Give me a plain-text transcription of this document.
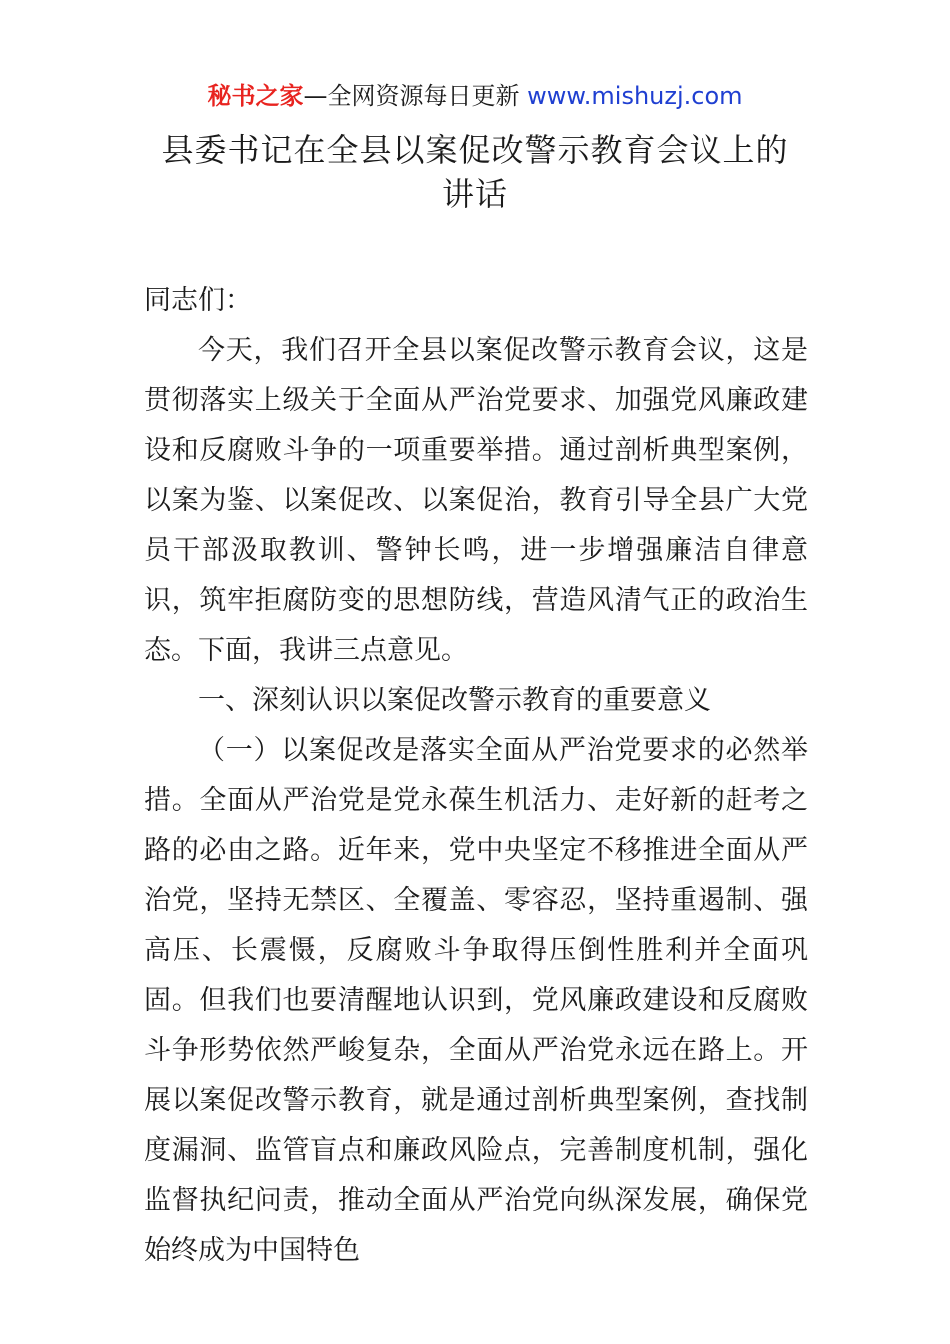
秘书之家—全网资源每日更新 www.mishuzj.com
县委书记在全县以案促改警示教育会议上的
讲话

同志们：

今天，我们召开全县以案促改警示教育会议，这是贯彻落实上级关于全面从严治党要求、加强党风廉政建设和反腐败斗争的一项重要举措。通过剖析典型案例，以案为鉴、以案促改、以案促治，教育引导全县广大党员干部汲取教训、警钟长鸣，进一步增强廉洁自律意识，筑牢拒腐防变的思想防线，营造风清气正的政治生态。下面，我讲三点意见。

一、深刻认识以案促改警示教育的重要意义

（一）以案促改是落实全面从严治党要求的必然举措。全面从严治党是党永葆生机活力、走好新的赶考之路的必由之路。近年来，党中央坚定不移推进全面从严治党，坚持无禁区、全覆盖、零容忍，坚持重遏制、强高压、长震慑，反腐败斗争取得压倒性胜利并全面巩固。但我们也要清醒地认识到，党风廉政建设和反腐败斗争形势依然严峻复杂，全面从严治党永远在路上。开展以案促改警示教育，就是通过剖析典型案例，查找制度漏洞、监管盲点和廉政风险点，完善制度机制，强化监督执纪问责，推动全面从严治党向纵深发展，确保党始终成为中国特色
